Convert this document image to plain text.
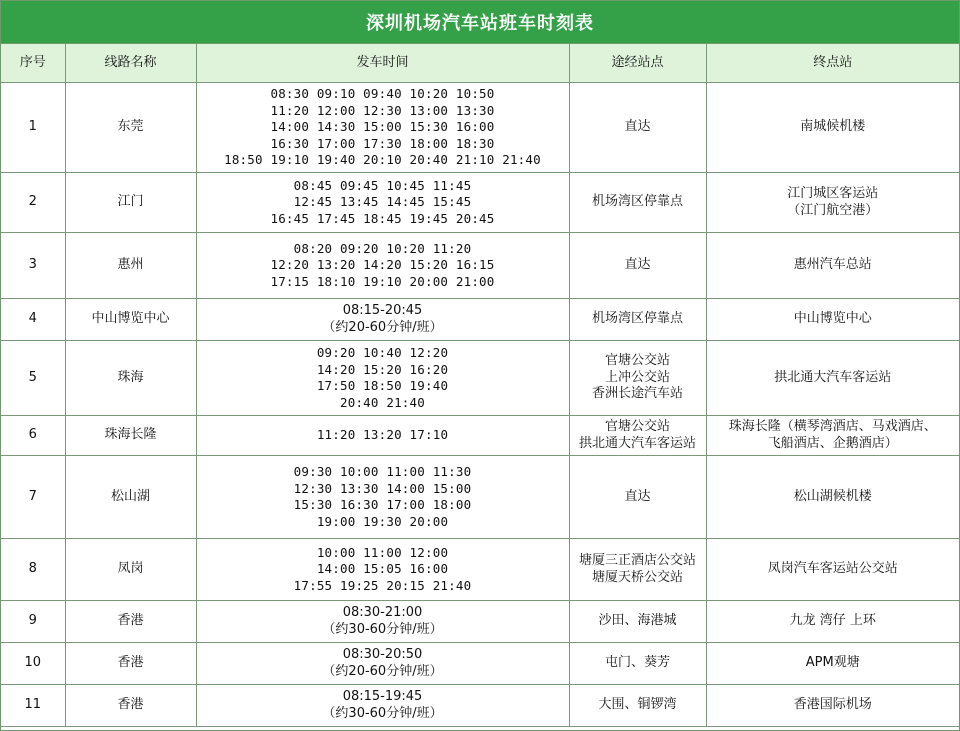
深圳机场汽车站班车时刻表
序号	线路名称	发车时间	途经站点	终点站
1	东莞	08:30 09:10 09:40 10:20 10:50
11:20 12:00 12:30 13:00 13:30
14:00 14:30 15:00 15:30 16:00
16:30 17:00 17:30 18:00 18:30
18:50 19:10 19:40 20:10 20:40 21:10 21:40	直达	南城候机楼

2	江门	08:45 09:45 10:45 11:45
12:45 13:45 14:45 15:45
16:45 17:45 18:45 19:45 20:45	机场湾区停靠点	江门城区客运站
（江门航空港）

3	惠州	08:20 09:20 10:20 11:20
12:20 13:20 14:20 15:20 16:15
17:15 18:10 19:10 20:00 21:00	直达	惠州汽车总站

4	中山博览中心	08:15-20:45
（约20-60分钟/班）	机场湾区停靠点	中山博览中心

5	珠海	09:20 10:40 12:20
14:20 15:20 16:20
17:50 18:50 19:40
20:40 21:40	官塘公交站
上冲公交站
香洲长途汽车站	拱北通大汽车客运站

6	珠海长隆	11:20 13:20 17:10	官塘公交站
拱北通大汽车客运站	珠海长隆（横琴湾酒店、马戏酒店、
飞船酒店、企鹅酒店）

7	松山湖	09:30 10:00 11:00 11:30
12:30 13:30 14:00 15:00
15:30 16:30 17:00 18:00
19:00 19:30 20:00	直达	松山湖候机楼

8	凤岗	10:00 11:00 12:00
14:00 15:05 16:00
17:55 19:25 20:15 21:40	塘厦三正酒店公交站
塘厦天桥公交站	凤岗汽车客运站公交站

9	香港	08:30-21:00
（约30-60分钟/班）	沙田、海港城	九龙 湾仔 上环

10	香港	08:30-20:50
（约20-60分钟/班）	屯门、葵芳	APM观塘

11	香港	08:15-19:45
（约30-60分钟/班）	大围、铜锣湾	香港国际机场
